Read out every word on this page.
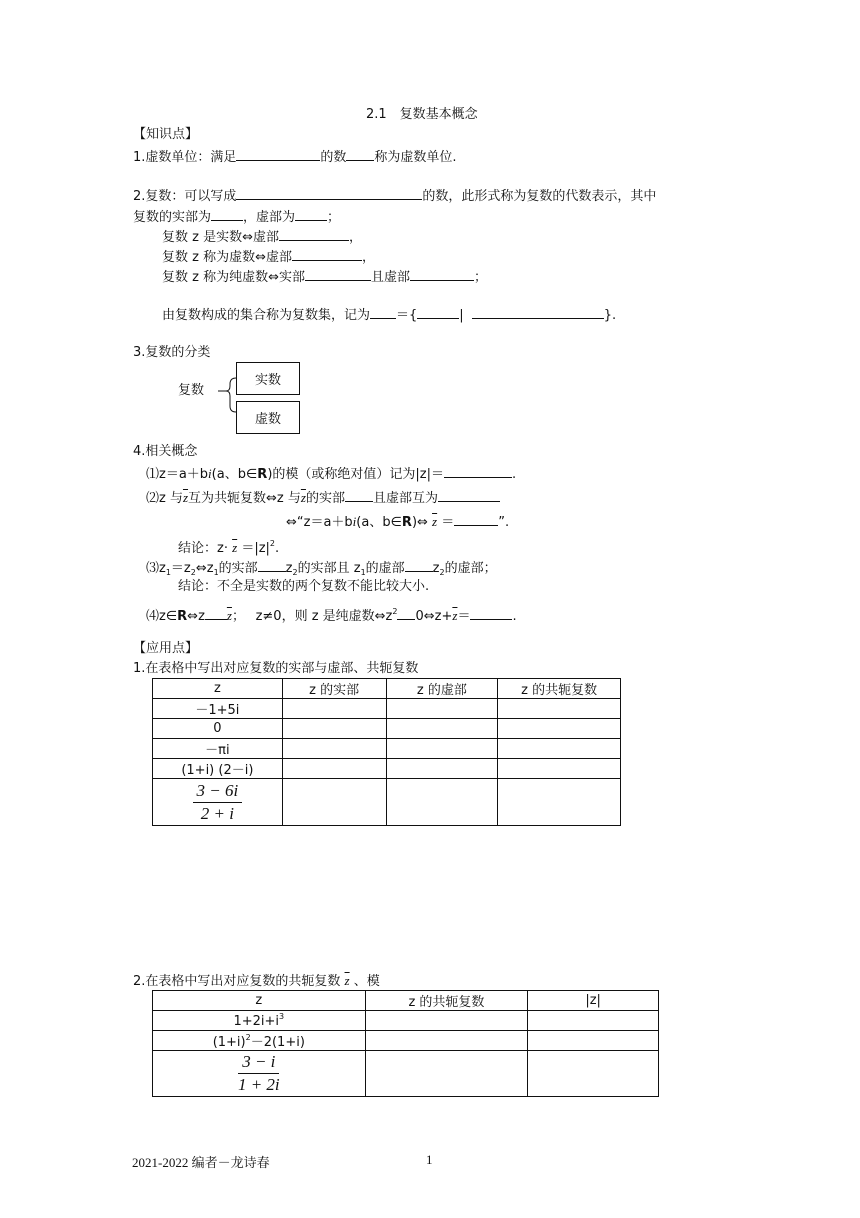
2.1　复数基本概念
【知识点】
1.虚数单位：满足	的数 称为虚数单位.
2.复数：可以写成	的数，此形式称为复数的代数表示，其中
复数的实部为 ，虚部为 ；
复数 z 是实数⇔虚部	，
复数 z 称为虚数⇔虚部	，
复数 z 称为纯虚数⇔实部	且虚部	；
由复数构成的集合称为复数集，记为 ＝{	|	}.
3.复数的分类
复数
实数
虚数
4.相关概念
⑴z＝a＋bi(a、b∈R)的模（或称绝对值）记为|z|＝	.
⑵z 与$\overline{z}$互为共轭复数⇔z 与$\overline{z}$的实部 且虚部互为
⇔“z＝a＋bi(a、b∈R)⇔ $\overline{z}$ ＝	”.
结论：$z\cdot \overline{z} =|z|^2$.
$⑶z_1=z_2\Leftrightarrow z_1$的实部 $z_2$的实部且 $z_1$的虚部 $z_2$的虚部；
结论：不全是实数的两个复数不能比较大小.
⑷z∈R⇔z $\overline{z}$；　 z≠0，则 z 是纯虚数$\Leftrightarrow z^2$ $0\Leftrightarrow z+\overline{z}=$	.
【应用点】
1.在表格中写出对应复数的实部与虚部、共轭复数
z	z 的实部	z 的虚部	z 的共轭复数
－1+5i			
0			
－πi			
(1+i) (2－i)			

$\frac{3 - 6i}{2 + i}$

2.在表格中写出对应复数的共轭复数 $\overline{z}$ 、模
z	z 的共轭复数	|z|
$1+2i+i^3$		
$(1+i)^2-2(1+i)$		

$\frac{3 - i}{1 + 2i}$

2021-2022 编者－龙诗春	1
